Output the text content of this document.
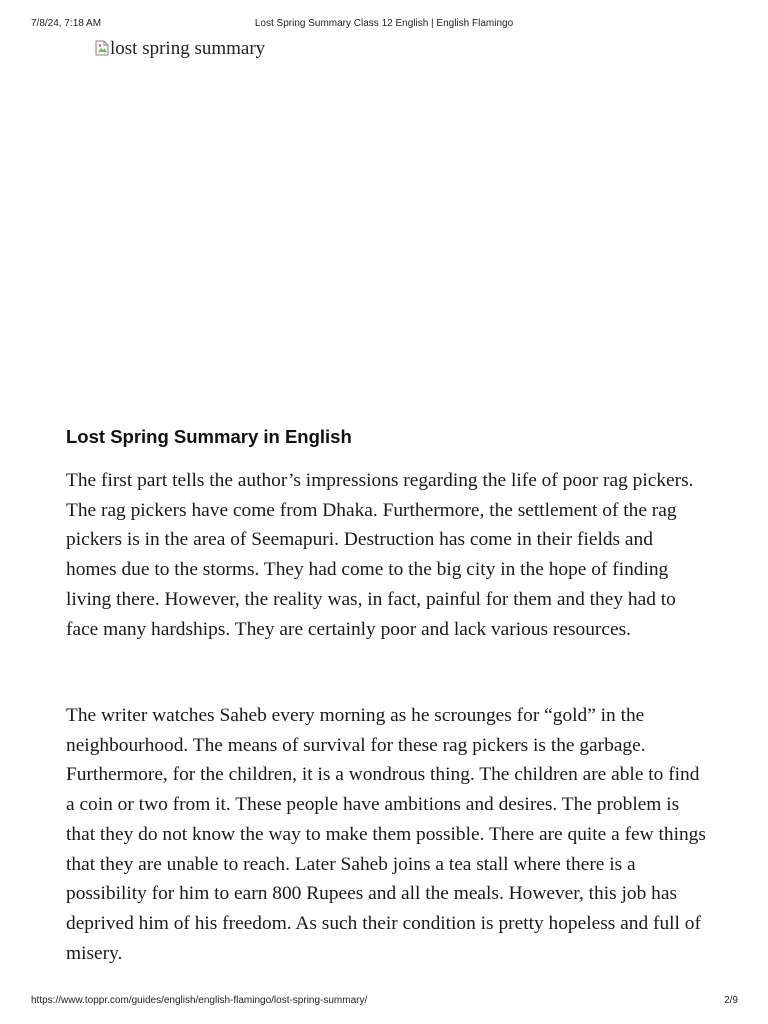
7/8/24, 7:18 AM	Lost Spring Summary Class 12 English | English Flamingo
lost spring summary
Lost Spring Summary in English

The first part tells the author’s impressions regarding the life of poor rag pickers. The rag pickers have come from Dhaka. Furthermore, the settlement of the rag pickers is in the area of Seemapuri. Destruction has come in their fields and homes due to the storms. They had come to the big city in the hope of finding living there. However, the reality was, in fact, painful for them and they had to face many hardships. They are certainly poor and lack various resources.

The writer watches Saheb every morning as he scrounges for “gold” in the neighbourhood. The means of survival for these rag pickers is the garbage. Furthermore, for the children, it is a wondrous thing. The children are able to find a coin or two from it. These people have ambitions and desires. The problem is that they do not know the way to make them possible. There are quite a few things that they are unable to reach. Later Saheb joins a tea stall where there is a possibility for him to earn 800 Rupees and all the meals. However, this job has deprived him of his freedom. As such their condition is pretty hopeless and full of misery.

https://www.toppr.com/guides/english/english-flamingo/lost-spring-summary/	2/9
